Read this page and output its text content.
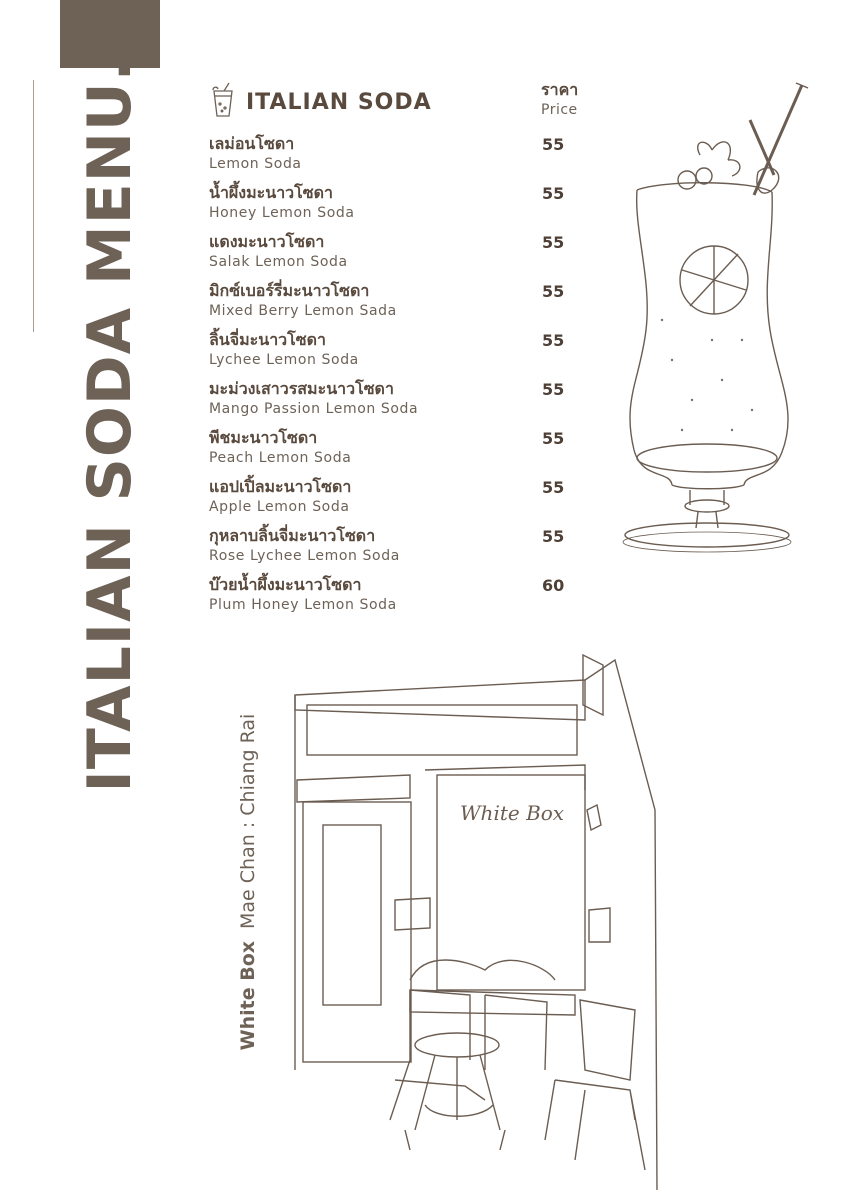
ITALIAN SODA MENU.
White BoxMae Chan : Chiang Rai
ITALIAN SODA	ราคา
Price
เลม่อนโซดา
Lemon Soda
55
น้ำผึ้งมะนาวโซดา
Honey Lemon Soda
55
แดงมะนาวโซดา
Salak Lemon Soda
55
มิกซ์เบอร์รี่มะนาวโซดา
Mixed Berry Lemon Sada
55
ลิ้นจี่มะนาวโซดา
Lychee Lemon Soda
55
มะม่วงเสาวรสมะนาวโซดา
Mango Passion Lemon Soda
55
พีชมะนาวโซดา
Peach Lemon Soda
55
แอปเปิ้ลมะนาวโซดา
Apple Lemon Soda
55
กุหลาบลิ้นจี่มะนาวโซดา
Rose Lychee Lemon Soda
55
บ๊วยน้ำผึ้งมะนาวโซดา
Plum Honey Lemon Soda
60
White Box
